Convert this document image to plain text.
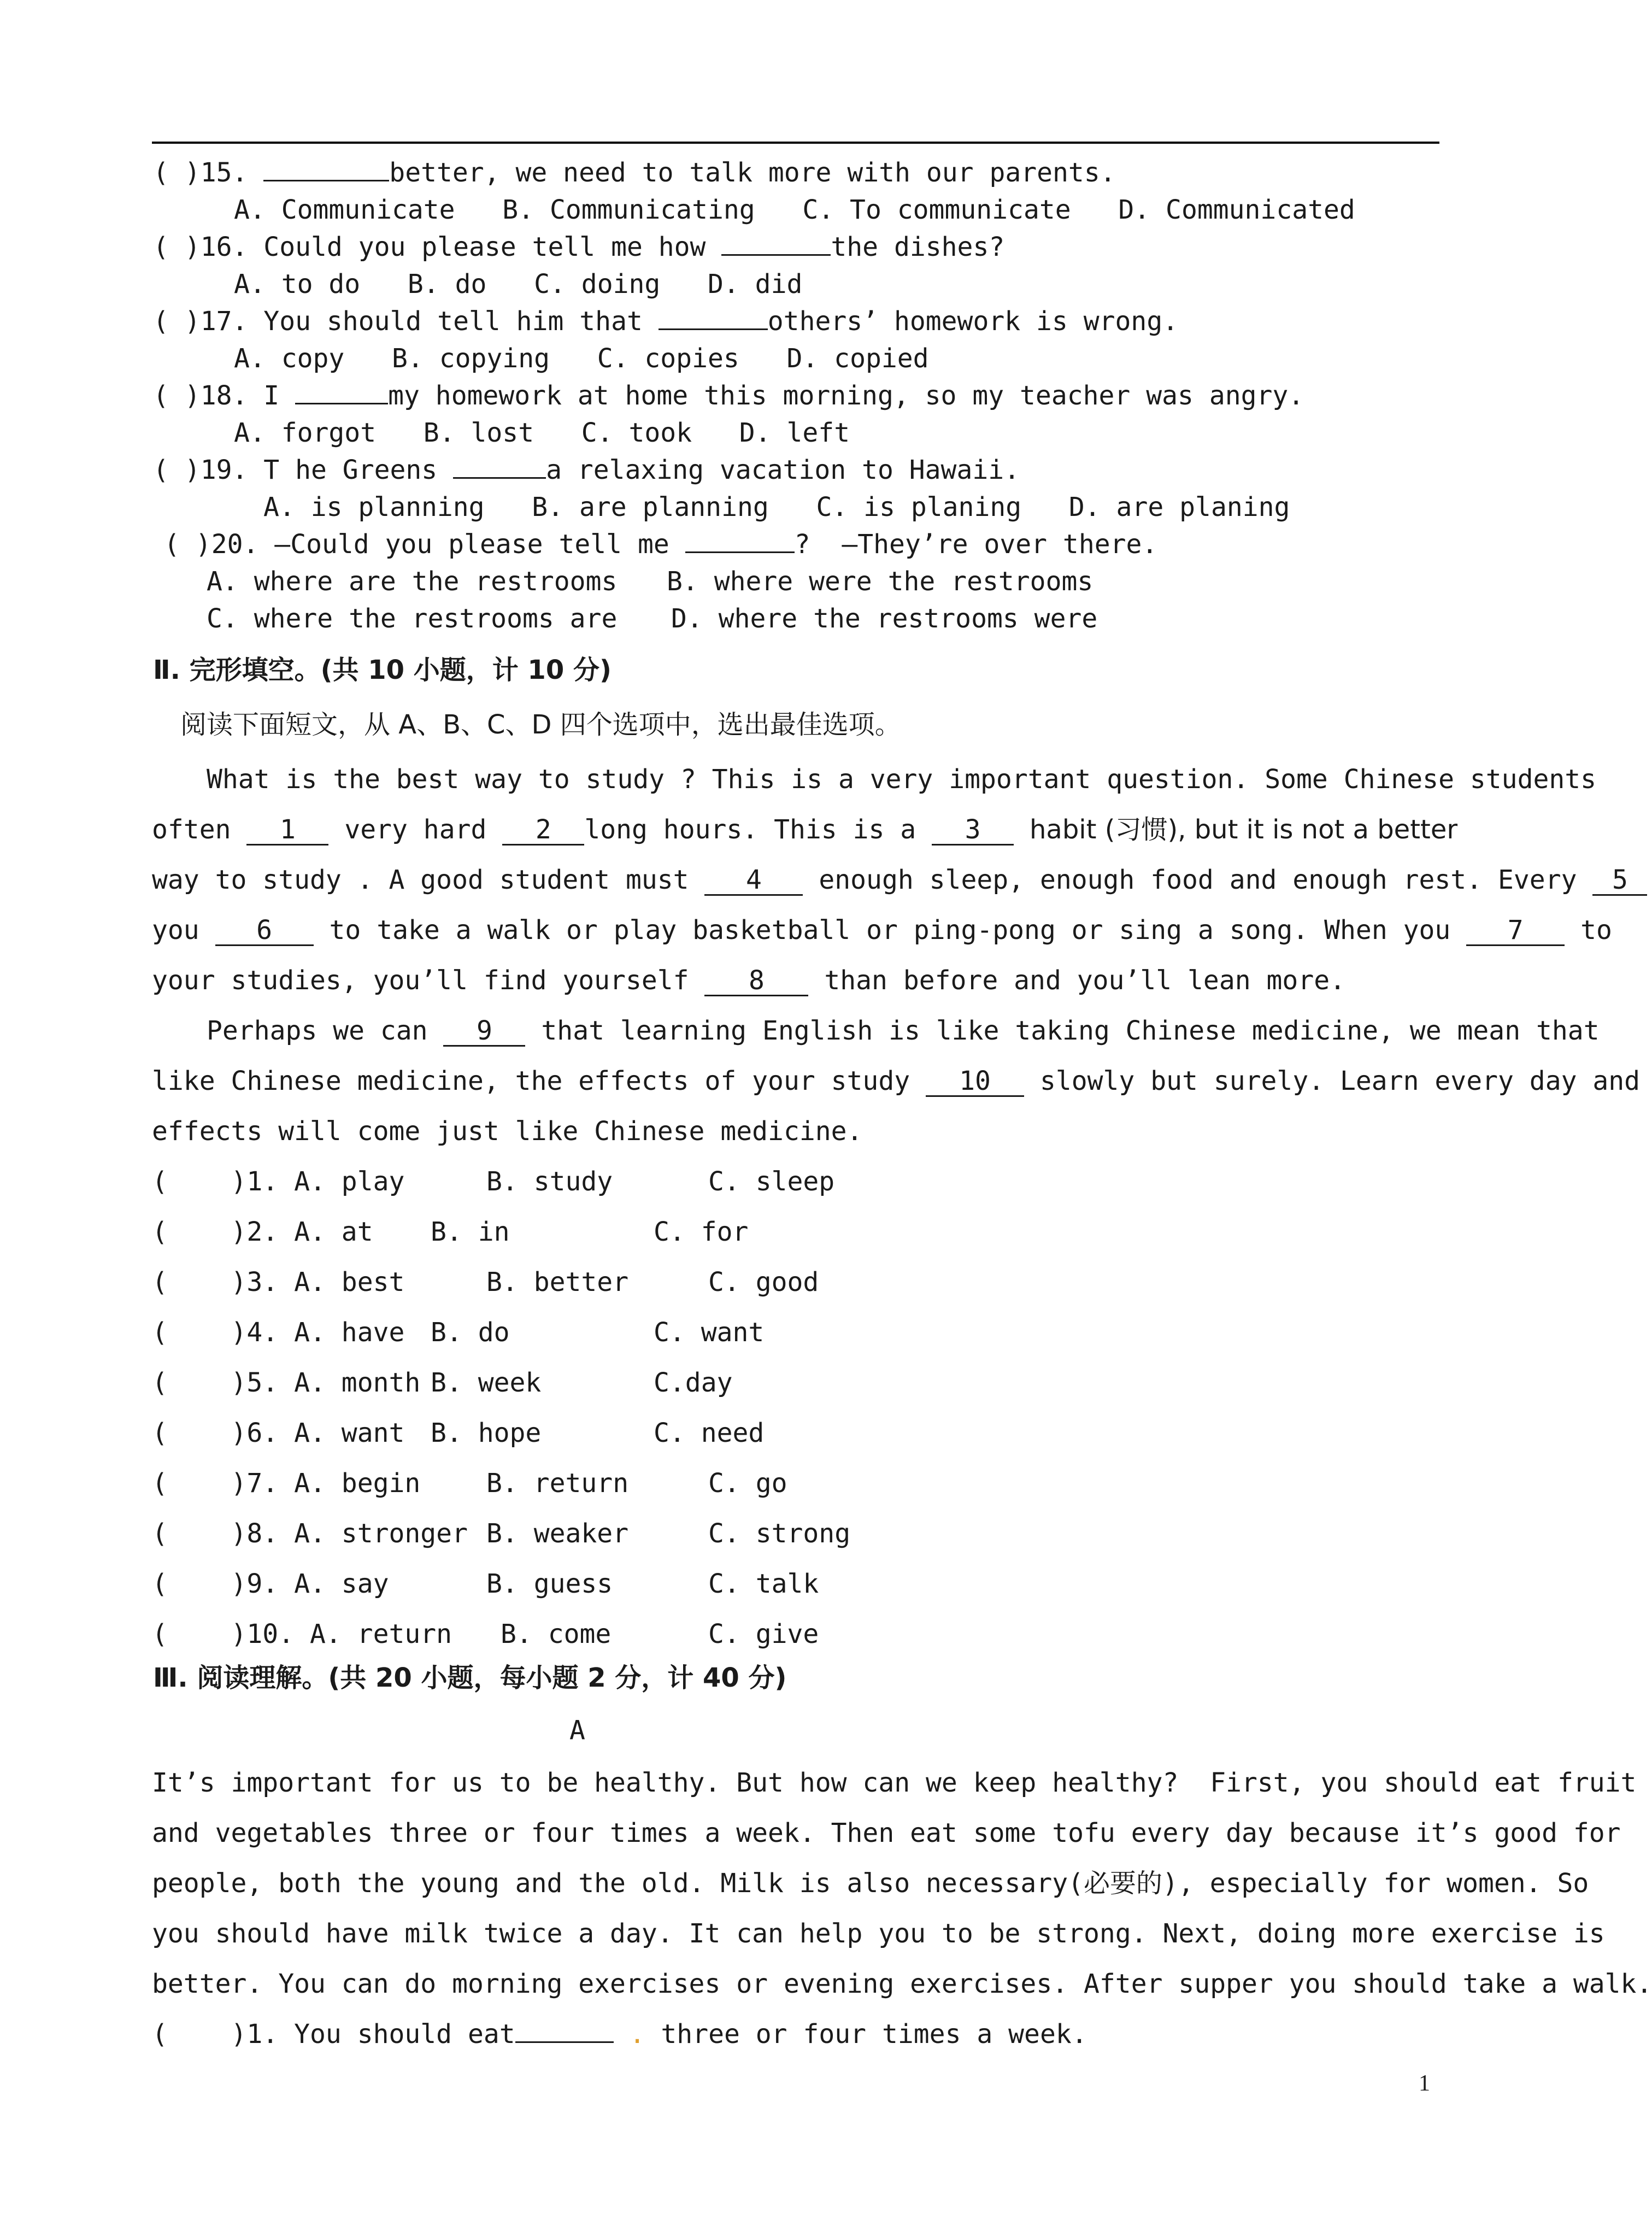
( )15.	better, we need to talk more with our parents.
A. Communicate B. Communicating C. To communicate D. Communicated
( )16. Could you please tell me how	the dishes?
A. to do B. do C. doing D. did
( )17. You should tell him that	others’ homework is wrong.
A. copy B. copying C. copies D. copied
( )18. I	my homework at home this morning, so my teacher was angry.
A. forgot B. lost C. took D. left
( )19. T he Greens	a relaxing vacation to Hawaii.
A. is planning B. are planning C. is planing D. are planing
( )20. —Could you please tell me	?  —They’re over there.
A. where are the restrooms B. where were the restrooms
C. where the restrooms are D. where the restrooms were
Ⅱ. 完形填空。(共 10 小题，计 10 分)
阅读下面短文，从 A、B、C、D 四个选项中，选出最佳选项。
What is the best way to study ? This is a very important question. Some Chinese students
often 1 very hard 2 long hours. This is a 3 habit (习惯), but it is not a better
way to study . A good student must 4 enough sleep, enough food and enough rest. Every 5
you 6 to take a walk or play basketball or ping-pong or sing a song. When you 7 to
your studies, you’ll find yourself 8 than before and you’ll lean more.
Perhaps we can 9 that learning English is like taking Chinese medicine, we mean that
like Chinese medicine, the effects of your study 10 slowly but surely. Learn every day and
effects will come just like Chinese medicine.
(    )1. A. play	B. study	C. sleep
(    )2. A. at B. in	C. for
(    )3. A. best	B. better	C. good
(    )4. A. have B. do	C. want
(    )5. A. month B. week	C.day
(    )6. A. want B. hope	C. need
(    )7. A. begin	B. return	C. go
(    )8. A. stronger B. weaker	C. strong
(    )9. A. say	B. guess	C. talk
(    )10. A. return B. come	C. give
Ⅲ. 阅读理解。(共 20 小题，每小题 2 分，计 40 分)
A
It’s important for us to be healthy. But how can we keep healthy?  First, you should eat fruit
and vegetables three or four times a week. Then eat some tofu every day because it’s good for
people, both the young and the old. Milk is also necessary(必要的), especially for women. So
you should have milk twice a day. It can help you to be strong. Next, doing more exercise is
better. You can do morning exercises or evening exercises. After supper you should take a walk.
(    )1. You should eat	. three or four times a week.
1
